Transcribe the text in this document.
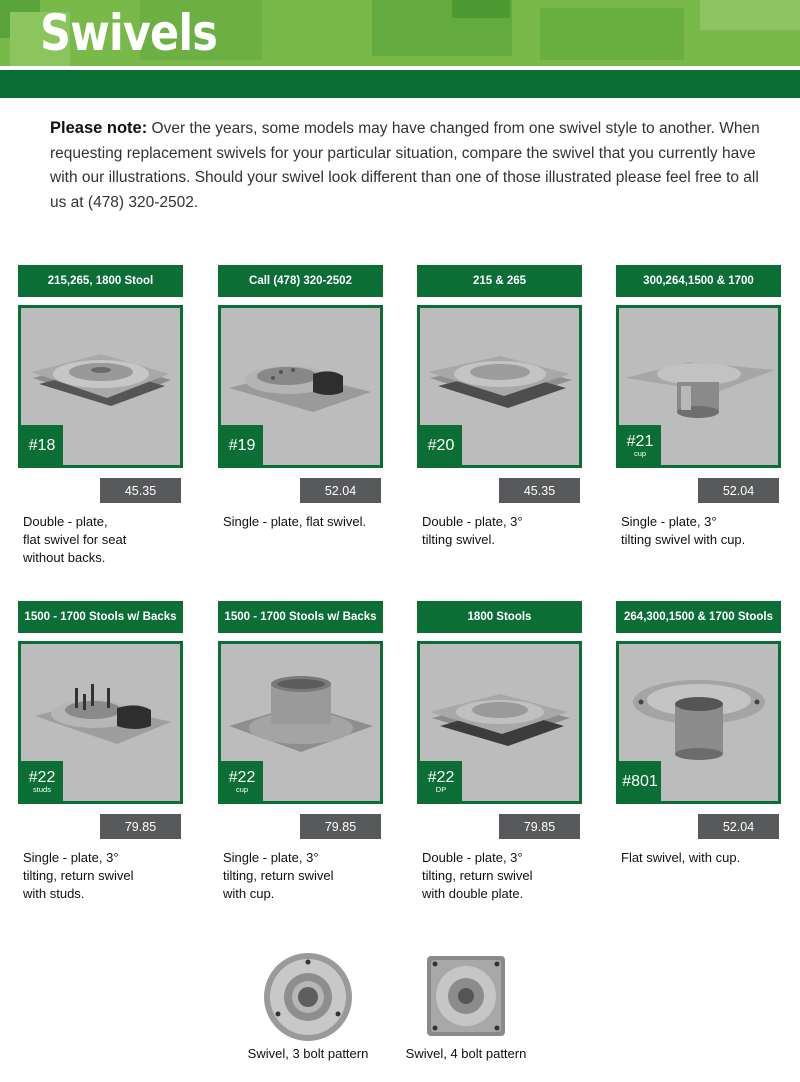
Swivels
Please note: Over the years, some models may have changed from one swivel style to another. When requesting replacement swivels for your particular situation, compare the swivel that you currently have with our illustrations. Should your swivel look different than one of those illustrated please feel free to all us at (478) 320-2502.
215,265, 1800 Stool
#18
45.35
Double - plate,
flat swivel for seat
without backs.
Call (478) 320-2502
#19
52.04
Single - plate, flat swivel.
215 & 265
#20
45.35
Double - plate, 3°
tilting swivel.
300,264,1500 & 1700
#21
cup
52.04
Single - plate, 3°
tilting swivel with cup.
1500 - 1700 Stools w/ Backs
#22
studs
79.85
Single - plate, 3°
tilting, return swivel
with studs.
1500 - 1700 Stools w/ Backs
#22
cup
79.85
Single - plate, 3°
tilting, return swivel
with cup.
1800 Stools
#22
DP
79.85
Double - plate, 3°
tilting, return swivel
with double plate.
264,300,1500 & 1700 Stools
#801
52.04
Flat swivel, with cup.
Swivel, 3 bolt pattern	Swivel, 4 bolt pattern
